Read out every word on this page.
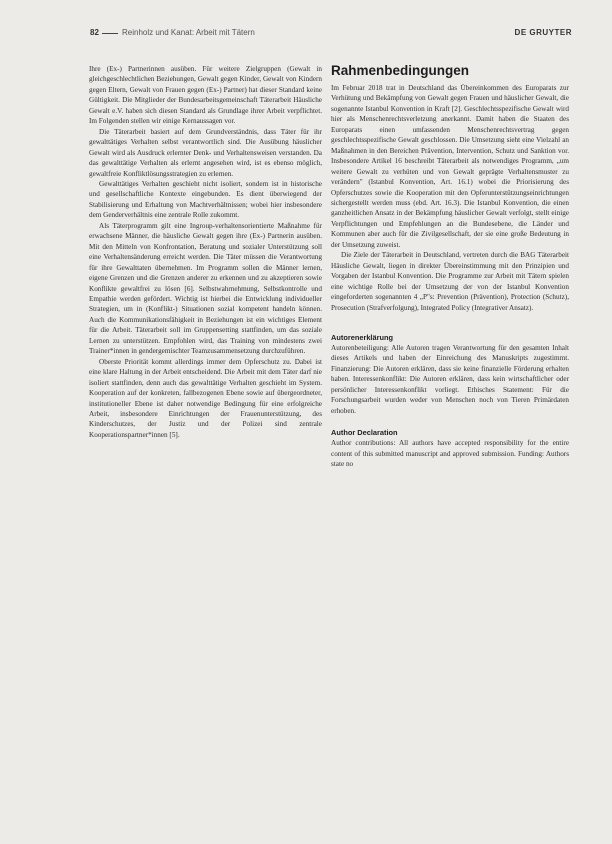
82	Reinholz und Kanat: Arbeit mit Tätern	DE GRUYTER

Ihre (Ex-) Partnerinnen ausüben. Für weitere Zielgruppen (Gewalt in gleichgeschlechtlichen Beziehungen, Gewalt gegen Kinder, Gewalt von Kindern gegen Eltern, Gewalt von Frauen gegen (Ex-) Partner) hat dieser Standard keine Gültigkeit. Die Mitglieder der Bundesarbeitsgemeinschaft Täterarbeit Häusliche Gewalt e.V. haben sich diesen Standard als Grundlage ihrer Arbeit verpflichtet. Im Folgenden stellen wir einige Kernaussagen vor.

Die Täterarbeit basiert auf dem Grundverständnis, dass Täter für ihr gewalttätiges Verhalten selbst verantwortlich sind. Die Ausübung häuslicher Gewalt wird als Ausdruck erlernter Denk- und Verhaltensweisen verstanden. Da das gewalttätige Verhalten als erlernt angesehen wird, ist es ebenso möglich, gewaltfreie Konfliktlösungsstrategien zu erlernen.

Gewalttätiges Verhalten geschieht nicht isoliert, sondern ist in historische und gesellschaftliche Kontexte eingebunden. Es dient überwiegend der Stabilisierung und Erhaltung von Machtverhältnissen; wobei hier insbesondere dem Genderverhältnis eine zentrale Rolle zukommt.

Als Täterprogramm gilt eine Ingroup-verhaltensorientierte Maßnahme für erwachsene Männer, die häusliche Gewalt gegen ihre (Ex-) Partnerin ausüben. Mit den Mitteln von Konfrontation, Beratung und sozialer Unterstützung soll eine Verhaltensänderung erreicht werden. Die Täter müssen die Verantwortung für ihre Gewalttaten übernehmen. Im Programm sollen die Männer lernen, eigene Grenzen und die Grenzen anderer zu erkennen und zu akzeptieren sowie Konflikte gewaltfrei zu lösen [6]. Selbstwahrnehmung, Selbstkontrolle und Empathie werden gefördert. Wichtig ist hierbei die Entwicklung individueller Strategien, um in (Konflikt-) Situationen sozial kompetent handeln können. Auch die Kommunikationsfähigkeit in Beziehungen ist ein wichtiges Element für die Arbeit. Täterarbeit soll im Gruppensetting stattfinden, um das soziale Lernen zu unterstützen. Empfohlen wird, das Training von mindestens zwei Trainer*innen in gendergemischter Teamzusammensetzung durchzuführen.

Oberste Priorität kommt allerdings immer dem Opferschutz zu. Dabei ist eine klare Haltung in der Arbeit entscheidend. Die Arbeit mit dem Täter darf nie isoliert stattfinden, denn auch das gewalttätige Verhalten geschieht im System. Kooperation auf der konkreten, fallbezogenen Ebene sowie auf übergeordneter, institutioneller Ebene ist daher notwendige Bedingung für eine erfolgreiche Arbeit, insbesondere Einrichtungen der Frauenunterstützung, des Kinderschutzes, der Justiz und der Polizei sind zentrale Kooperationspartner*innen [5].

Rahmenbedingungen

Im Februar 2018 trat in Deutschland das Übereinkommen des Europarats zur Verhütung und Bekämpfung von Gewalt gegen Frauen und häuslicher Gewalt, die sogenannte Istanbul Konvention in Kraft [2]. Geschlechtsspezifische Gewalt wird hier als Menschenrechtsverletzung anerkannt. Damit haben die Staaten des Europarats einen umfassenden Menschenrechtsvertrag gegen geschlechtsspezifische Gewalt geschlossen. Die Umsetzung sieht eine Vielzahl an Maßnahmen in den Bereichen Prävention, Intervention, Schutz und Sanktion vor. Insbesondere Artikel 16 beschreibt Täterarbeit als notwendiges Programm, „um weitere Gewalt zu verhüten und von Gewalt geprägte Verhaltensmuster zu verändern" (Istanbul Konvention, Art. 16.1) wobei die Priorisierung des Opferschutzes sowie die Kooperation mit den Opferunterstützungseinrichtungen sichergestellt werden muss (ebd. Art. 16.3). Die Istanbul Konvention, die einen ganzheitlichen Ansatz in der Bekämpfung häuslicher Gewalt verfolgt, stellt einige Verpflichtungen und Empfehlungen an die Bundesebene, die Länder und Kommunen aber auch für die Zivilgesellschaft, der sie eine große Bedeutung in der Umsetzung zuweist.

Die Ziele der Täterarbeit in Deutschland, vertreten durch die BAG Täterarbeit Häusliche Gewalt, liegen in direkter Übereinstimmung mit den Prinzipien und Vorgaben der Istanbul Konvention. Die Programme zur Arbeit mit Tätern spielen eine wichtige Rolle bei der Umsetzung der von der Istanbul Konvention eingeforderten sogenannten 4 „P"s: Prevention (Prävention), Protection (Schutz), Prosecution (Strafverfolgung), Integrated Policy (Integrativer Ansatz).

Autorenerklärung

Autorenbeteiligung: Alle Autoren tragen Verantwortung für den gesamten Inhalt dieses Artikels und haben der Einreichung des Manuskripts zugestimmt. Finanzierung: Die Autoren erklären, dass sie keine finanzielle Förderung erhalten haben. Interessenkonflikt: Die Autoren erklären, dass kein wirtschaftlicher oder persönlicher Interessenkonflikt vorliegt. Ethisches Statement: Für die Forschungsarbeit wurden weder von Menschen noch von Tieren Primärdaten erhoben.

Author Declaration

Author contributions: All authors have accepted responsibility for the entire content of this submitted manuscript and approved submission. Funding: Authors state no
